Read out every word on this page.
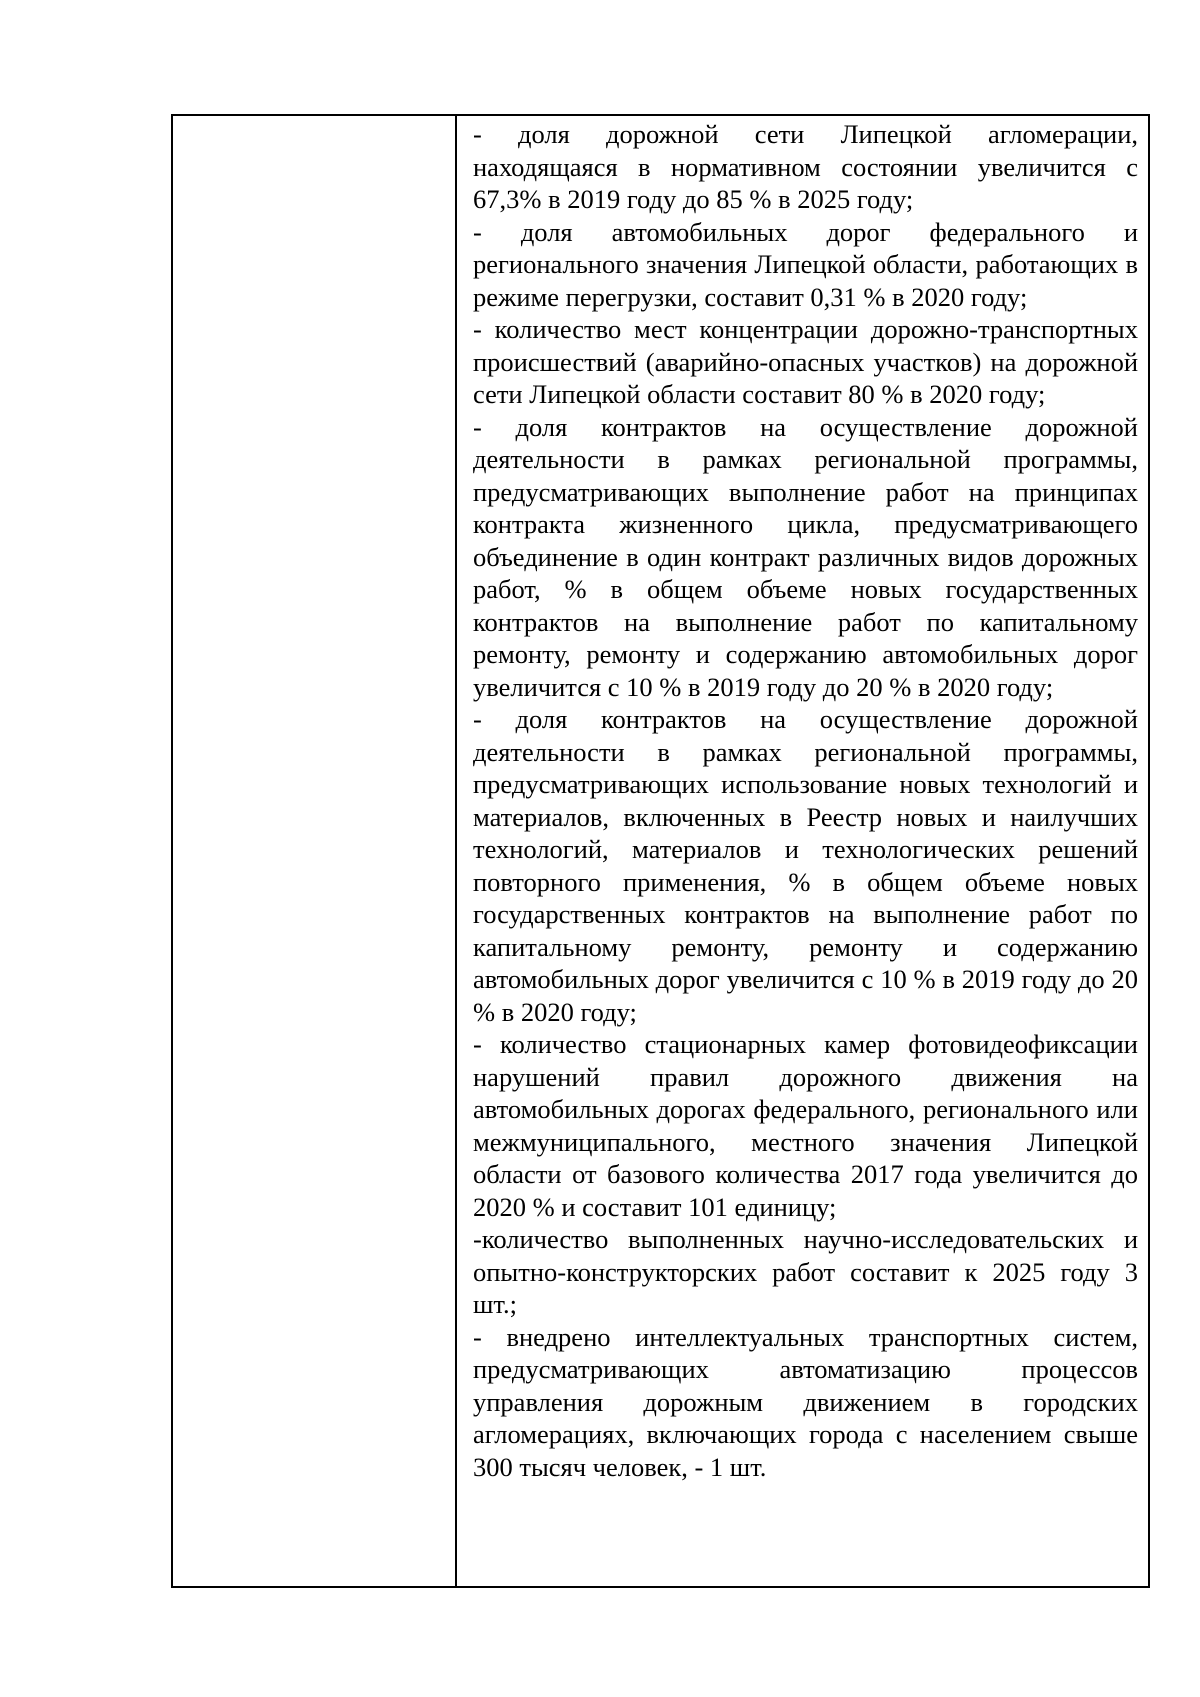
- доля дорожной сети Липецкой агломерации, находящаяся в нормативном состоянии увеличится с 67,3% в 2019 году до 85 % в 2025 году;

- доля автомобильных дорог федерального и регионального значения Липецкой области, работающих в режиме перегрузки, составит 0,31 % в 2020 году;

- количество мест концентрации дорожно-транспортных происшествий (аварийно-опасных участков) на дорожной сети Липецкой области составит 80 % в 2020 году;

- доля контрактов на осуществление дорожной деятельности в рамках региональной программы, предусматривающих выполнение работ на принципах контракта жизненного цикла, предусматривающего объединение в один контракт различных видов дорожных работ, % в общем объеме новых государственных контрактов на выполнение работ по капитальному ремонту, ремонту и содержанию автомобильных дорог увеличится с 10 % в 2019 году до 20 % в 2020 году;

- доля контрактов на осуществление дорожной деятельности в рамках региональной программы, предусматривающих использование новых технологий и материалов, включенных в Реестр новых и наилучших технологий, материалов и технологических решений повторного применения, % в общем объеме новых государственных контрактов на выполнение работ по капитальному ремонту, ремонту и содержанию автомобильных дорог увеличится с 10 % в 2019 году до 20 % в 2020 году;

- количество стационарных камер фотовидеофиксации нарушений правил дорожного движения на автомобильных дорогах федерального, регионального или межмуниципального, местного значения Липецкой области от базового количества 2017 года увеличится до 2020 % и составит 101 единицу;

-количество выполненных научно-исследовательских и опытно-конструкторских работ составит к 2025 году 3 шт.;

- внедрено интеллектуальных транспортных систем, предусматривающих автоматизацию процессов управления дорожным движением в городских агломерациях, включающих города с населением свыше 300 тысяч человек, - 1 шт.
